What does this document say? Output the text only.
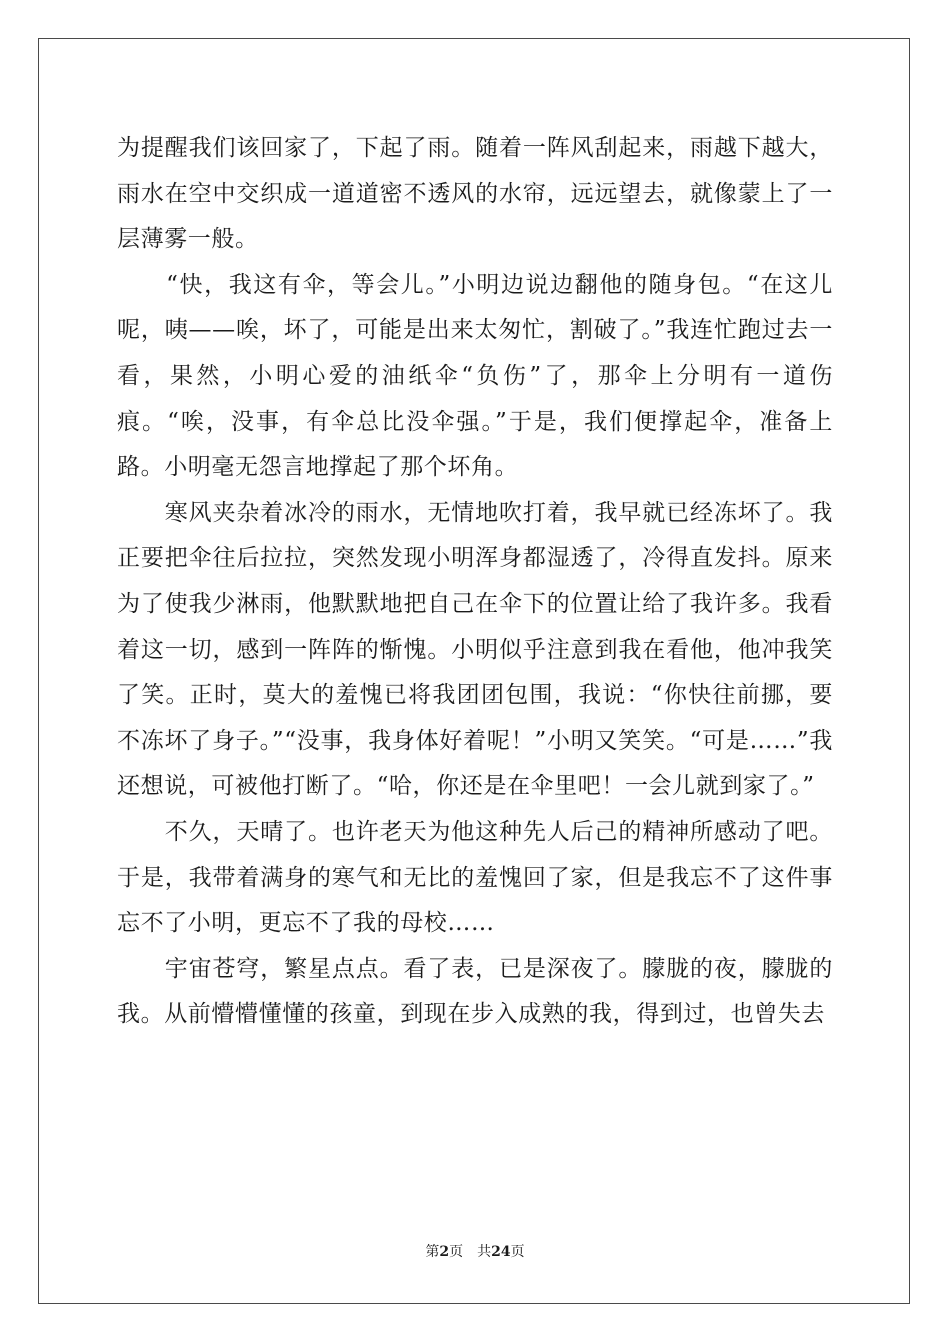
为提醒我们该回家了，下起了雨。随着一阵风刮起来，雨越下越大，雨水在空中交织成一道道密不透风的水帘，远远望去，就像蒙上了一层薄雾一般。

　　“快，我这有伞，等会儿。”小明边说边翻他的随身包。“在这儿呢，咦——唉，坏了，可能是出来太匆忙，割破了。”我连忙跑过去一看，果然，小明心爱的油纸伞“负伤”了，那伞上分明有一道伤痕。“唉，没事，有伞总比没伞强。”于是，我们便撑起伞，准备上路。小明毫无怨言地撑起了那个坏角。

　　寒风夹杂着冰冷的雨水，无情地吹打着，我早就已经冻坏了。我正要把伞往后拉拉，突然发现小明浑身都湿透了，冷得直发抖。原来为了使我少淋雨，他默默地把自己在伞下的位置让给了我许多。我看着这一切，感到一阵阵的惭愧。小明似乎注意到我在看他，他冲我笑了笑。正时，莫大的羞愧已将我团团包围，我说：“你快往前挪，要不冻坏了身子。”“没事，我身体好着呢！”小明又笑笑。“可是……”我还想说，可被他打断了。“哈，你还是在伞里吧！一会儿就到家了。”

　　不久，天晴了。也许老天为他这种先人后己的精神所感动了吧。于是，我带着满身的寒气和无比的羞愧回了家，但是我忘不了这件事忘不了小明，更忘不了我的母校……

　　宇宙苍穹，繁星点点。看了表，已是深夜了。朦胧的夜，朦胧的我。从前懵懵懂懂的孩童，到现在步入成熟的我，得到过，也曾失去

第2页　共24页
